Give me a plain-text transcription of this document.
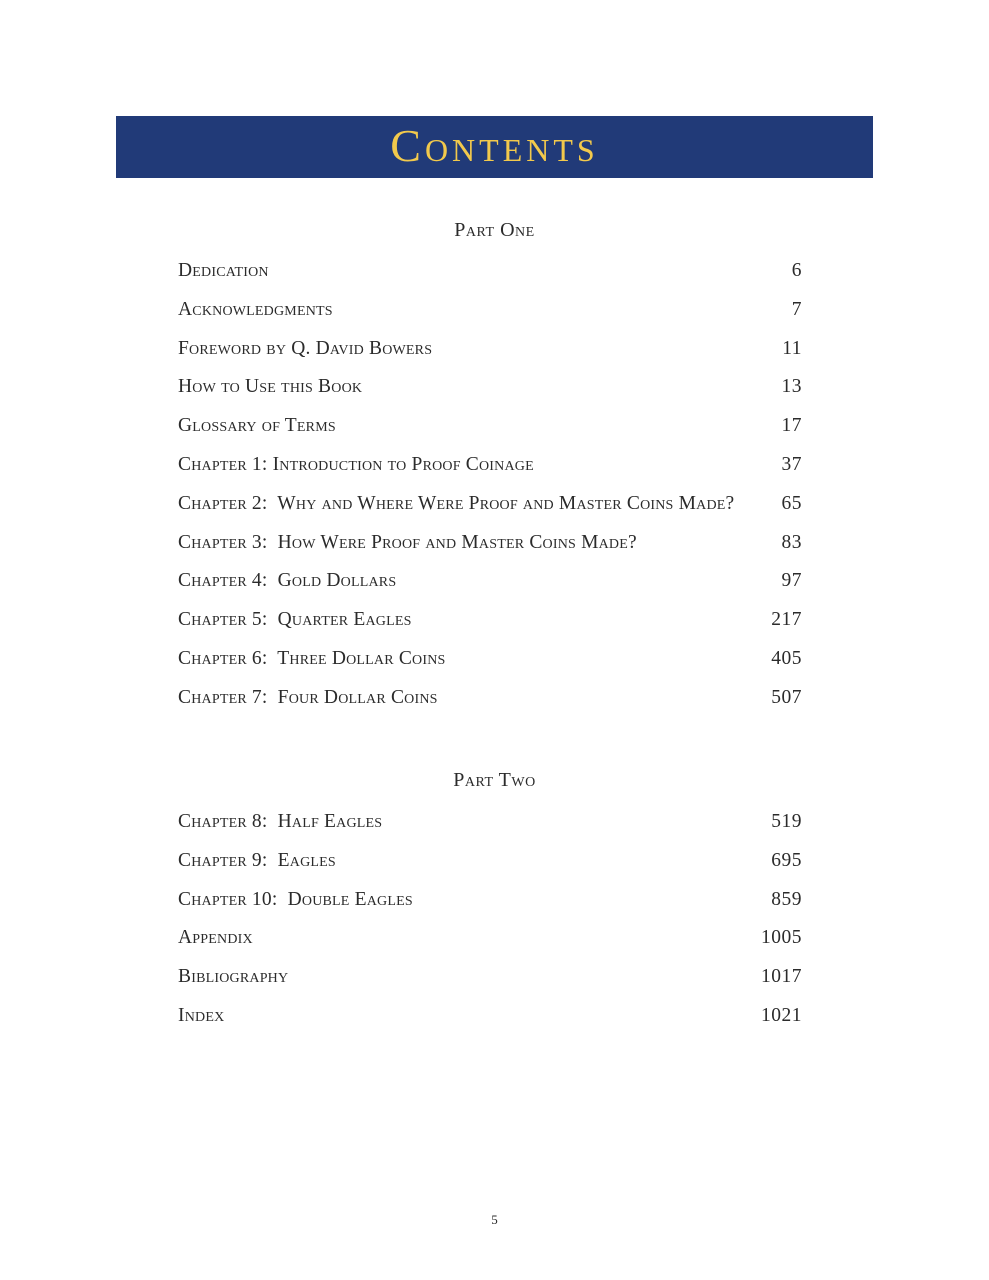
Contents
Part One
Dedication	6
Acknowledgments	7
Foreword by Q. David Bowers	11
How to Use this Book	13
Glossary of Terms	17
Chapter 1: Introduction to Proof Coinage	37
Chapter 2:  Why and Where Were Proof and Master Coins Made? 65
Chapter 3:  How Were Proof and Master Coins Made?	83
Chapter 4:  Gold Dollars	97
Chapter 5:  Quarter Eagles	217
Chapter 6:  Three Dollar Coins	405
Chapter 7:  Four Dollar Coins	507
Part Two
Chapter 8:  Half Eagles	519
Chapter 9:  Eagles	695
Chapter 10:  Double Eagles	859
Appendix	1005
Bibliography	1017
Index	1021
5
